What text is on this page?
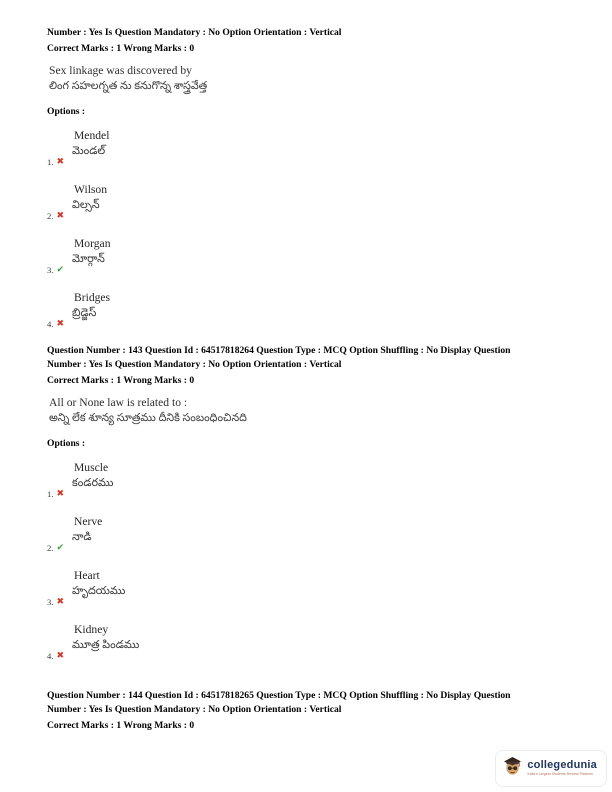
Number : Yes Is Question Mandatory : No Option Orientation : Vertical
Correct Marks : 1 Wrong Marks : 0
Sex linkage was discovered by
లింగ సహలగ్నత ను కనుగొన్న శాస్త్రవేత్త
Options :
Mendel
మెండల్
1. ✖
Wilson
విల్సన్
2. ✖
Morgan
మోర్గాన్
3. ✔
Bridges
బ్రిడ్జెస్
4. ✖
Question Number : 143 Question Id : 64517818264 Question Type : MCQ Option Shuffling : No Display Question
Number : Yes Is Question Mandatory : No Option Orientation : Vertical
Correct Marks : 1 Wrong Marks : 0
All or None law is related to :
అన్ని లేక శూన్య సూత్రము దీనికి సంబంధించినది
Options :
Muscle
కండరము
1. ✖
Nerve
నాడి
2. ✔
Heart
హృదయము
3. ✖
Kidney
మూత్ర పిండము
4. ✖
Question Number : 144 Question Id : 64517818265 Question Type : MCQ Option Shuffling : No Display Question
Number : Yes Is Question Mandatory : No Option Orientation : Vertical
Correct Marks : 1 Wrong Marks : 0
collegedunia
India's Largest Students Review Platform
